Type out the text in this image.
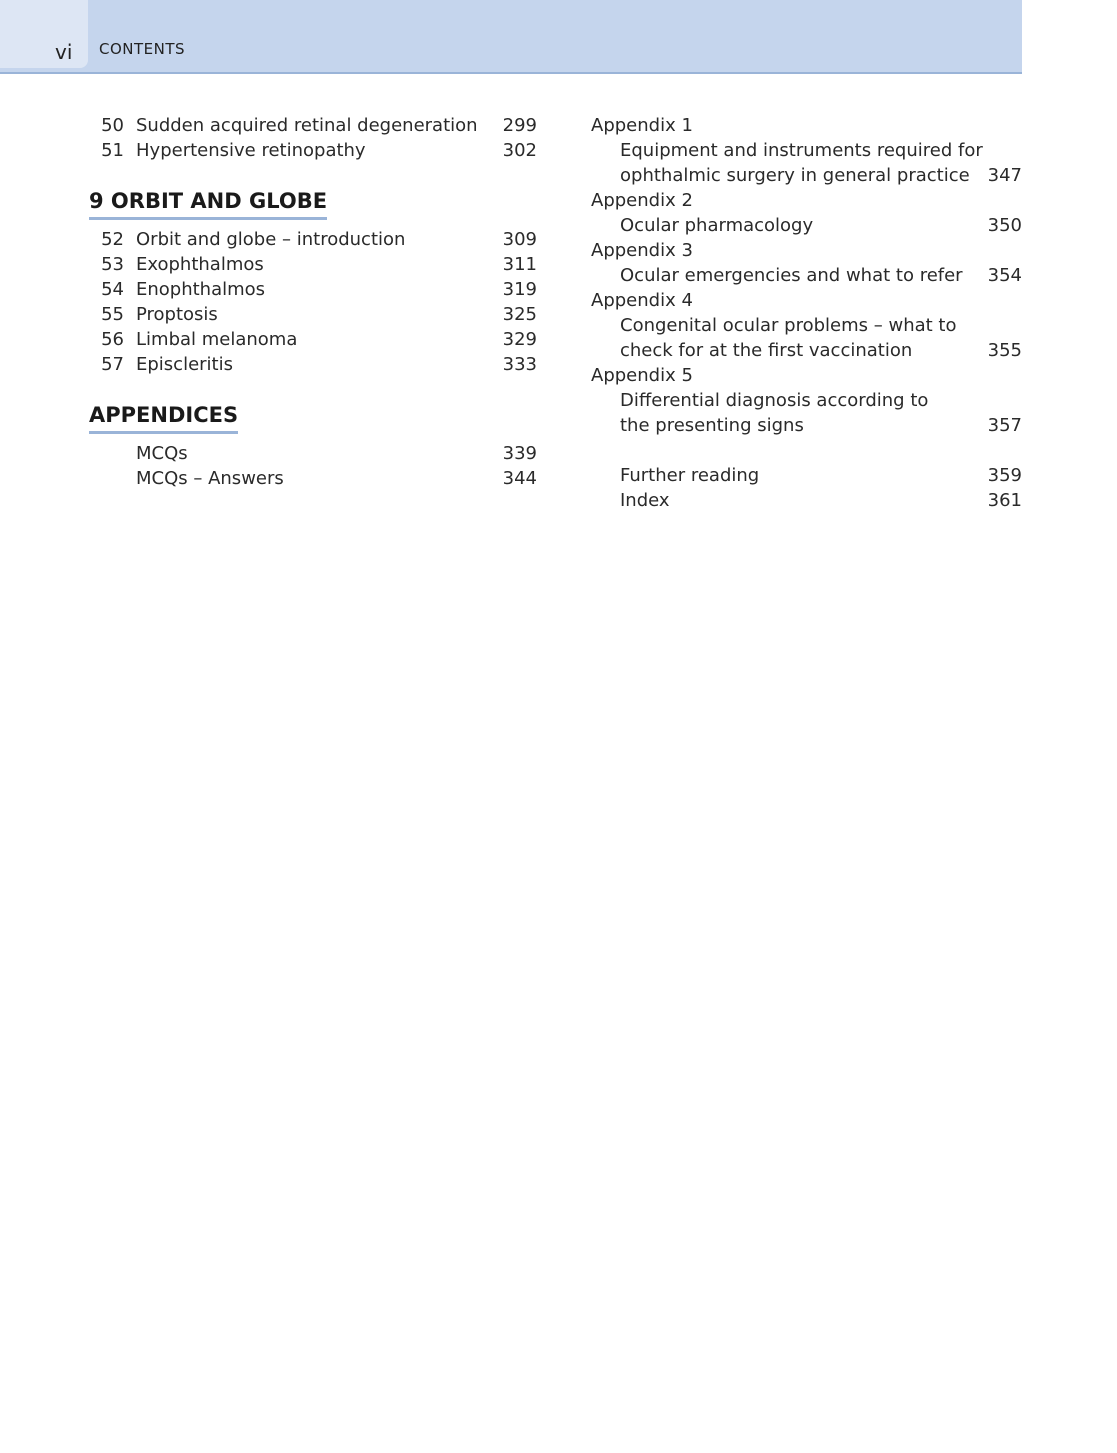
vi CONTENTS
50 Sudden acquired retinal degeneration 299
51 Hypertensive retinopathy	302
9 ORBIT AND GLOBE
52 Orbit and globe – introduction	309
53 Exophthalmos	311
54 Enophthalmos	319
55 Proptosis	325
56 Limbal melanoma	329
57 Episcleritis	333
APPENDICES
MCQs	339
MCQs – Answers	344
Appendix 1
Equipment and instruments required for
ophthalmic surgery in general practice 347
Appendix 2
Ocular pharmacology	350
Appendix 3
Ocular emergencies and what to refer 354
Appendix 4
Congenital ocular problems – what to
check for at the first vaccination	355
Appendix 5
Differential diagnosis according to
the presenting signs	357
Further reading	359
Index	361
